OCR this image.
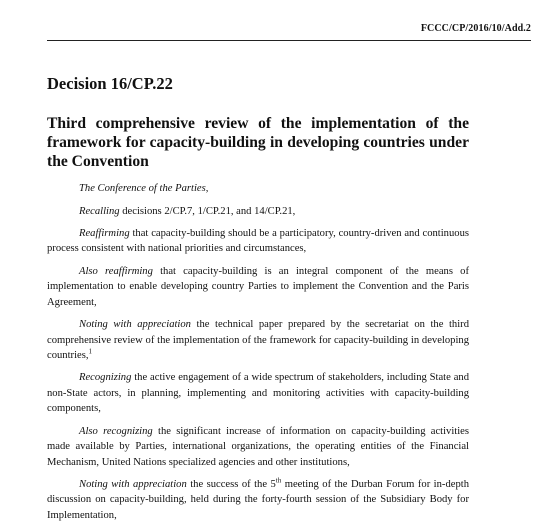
FCCC/CP/2016/10/Add.2
Decision 16/CP.22
Third comprehensive review of the implementation of the framework for capacity-building in developing countries under the Convention

The Conference of the Parties,

Recalling decisions 2/CP.7, 1/CP.21, and 14/CP.21,

Reaffirming that capacity-building should be a participatory, country-driven and continuous process consistent with national priorities and circumstances,

Also reaffirming that capacity-building is an integral component of the means of implementation to enable developing country Parties to implement the Convention and the Paris Agreement,

Noting with appreciation the technical paper prepared by the secretariat on the third comprehensive review of the implementation of the framework for capacity-building in developing countries,$^1$

Recognizing the active engagement of a wide spectrum of stakeholders, including State and non-State actors, in planning, implementing and monitoring activities with capacity-building components,

Also recognizing the significant increase of information on capacity-building activities made available by Parties, international organizations, the operating entities of the Financial Mechanism, United Nations specialized agencies and other institutions,

Noting with appreciation the success of the 5th meeting of the Durban Forum for in-depth discussion on capacity-building, held during the forty-fourth session of the Subsidiary Body for Implementation,
